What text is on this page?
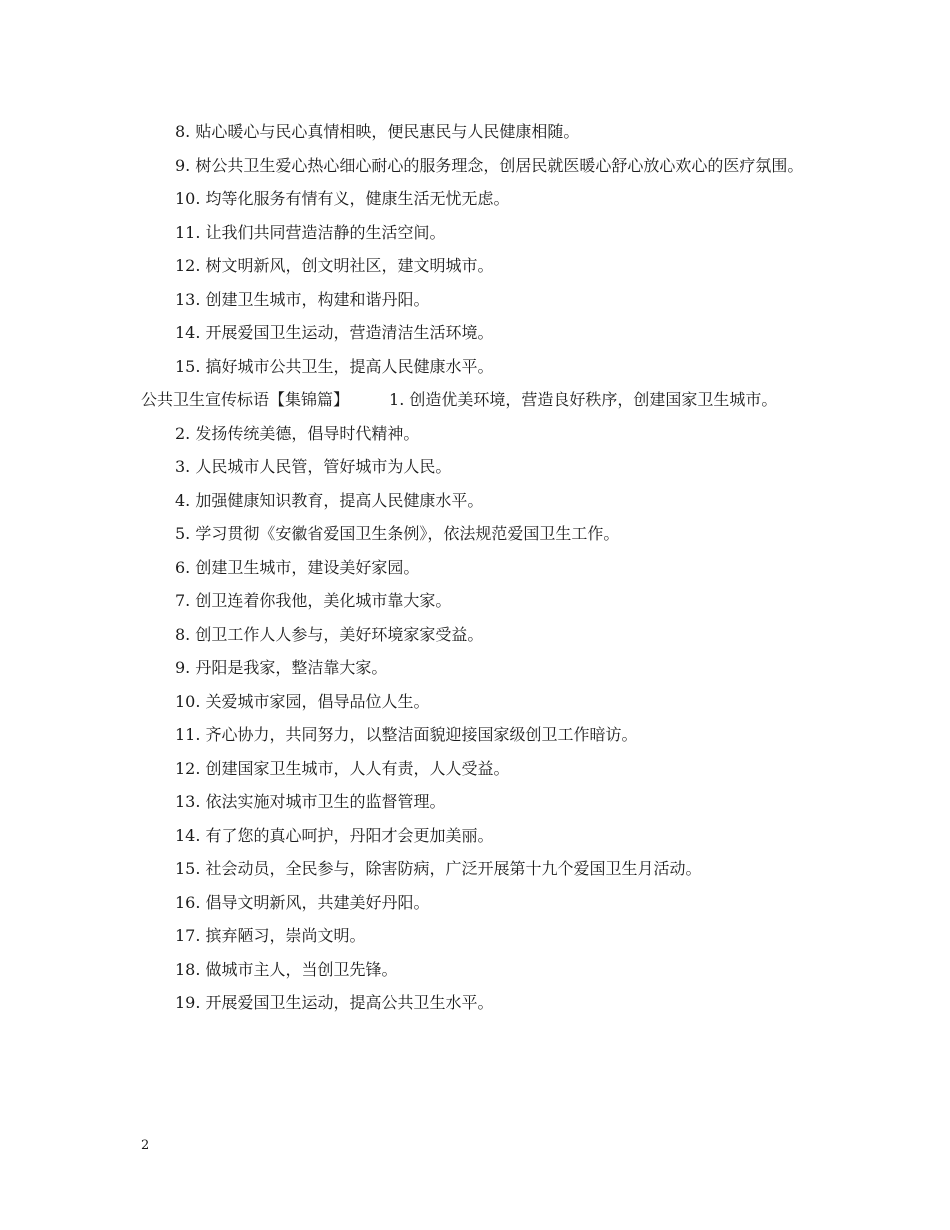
8. 贴心暖心与民心真情相映，便民惠民与人民健康相随。

9. 树公共卫生爱心热心细心耐心的服务理念，创居民就医暖心舒心放心欢心的医疗氛围。

10. 均等化服务有情有义，健康生活无忧无虑。

11. 让我们共同营造洁静的生活空间。

12. 树文明新风，创文明社区，建文明城市。

13. 创建卫生城市，构建和谐丹阳。

14. 开展爱国卫生运动，营造清洁生活环境。

15. 搞好城市公共卫生，提高人民健康水平。

公共卫生宣传标语【集锦篇】	1. 创造优美环境，营造良好秩序，创建国家卫生城市。

2. 发扬传统美德，倡导时代精神。

3. 人民城市人民管，管好城市为人民。

4. 加强健康知识教育，提高人民健康水平。

5. 学习贯彻《安徽省爱国卫生条例》，依法规范爱国卫生工作。

6. 创建卫生城市，建设美好家园。

7. 创卫连着你我他，美化城市靠大家。

8. 创卫工作人人参与，美好环境家家受益。

9. 丹阳是我家，整洁靠大家。

10. 关爱城市家园，倡导品位人生。

11. 齐心协力，共同努力，以整洁面貌迎接国家级创卫工作暗访。

12. 创建国家卫生城市，人人有责，人人受益。

13. 依法实施对城市卫生的监督管理。

14. 有了您的真心呵护，丹阳才会更加美丽。

15. 社会动员，全民参与，除害防病，广泛开展第十九个爱国卫生月活动。

16. 倡导文明新风，共建美好丹阳。

17. 摈弃陋习，崇尚文明。

18. 做城市主人，当创卫先锋。

19. 开展爱国卫生运动，提高公共卫生水平。

2
